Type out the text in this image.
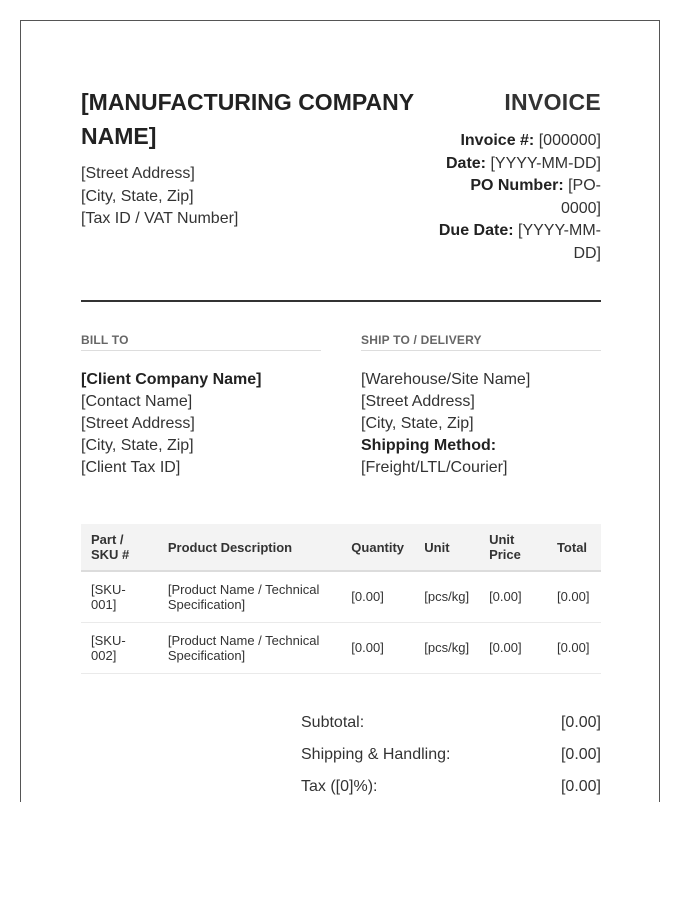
[MANUFACTURING COMPANY NAME]
[Street Address]
[City, State, Zip]
[Tax ID / VAT Number]
INVOICE
Invoice #: [000000]
Date: [YYYY-MM-DD]
PO Number: [PO-0000]
Due Date: [YYYY-MM-DD]
BILL TO
[Client Company Name]
[Contact Name]
[Street Address]
[City, State, Zip]
[Client Tax ID]
SHIP TO / DELIVERY
[Warehouse/Site Name]
[Street Address]
[City, State, Zip]
Shipping Method:
[Freight/LTL/Courier]
Part / SKU #	Product Description	Quantity	Unit	Unit Price	Total
[SKU-001]	[Product Name / Technical Specification]	[0.00]	[pcs/kg]	[0.00]	[0.00]
[SKU-002]	[Product Name / Technical Specification]	[0.00]	[pcs/kg]	[0.00]	[0.00]
Subtotal:	[0.00]
Shipping & Handling:	[0.00]
Tax ([0]%):	[0.00]
